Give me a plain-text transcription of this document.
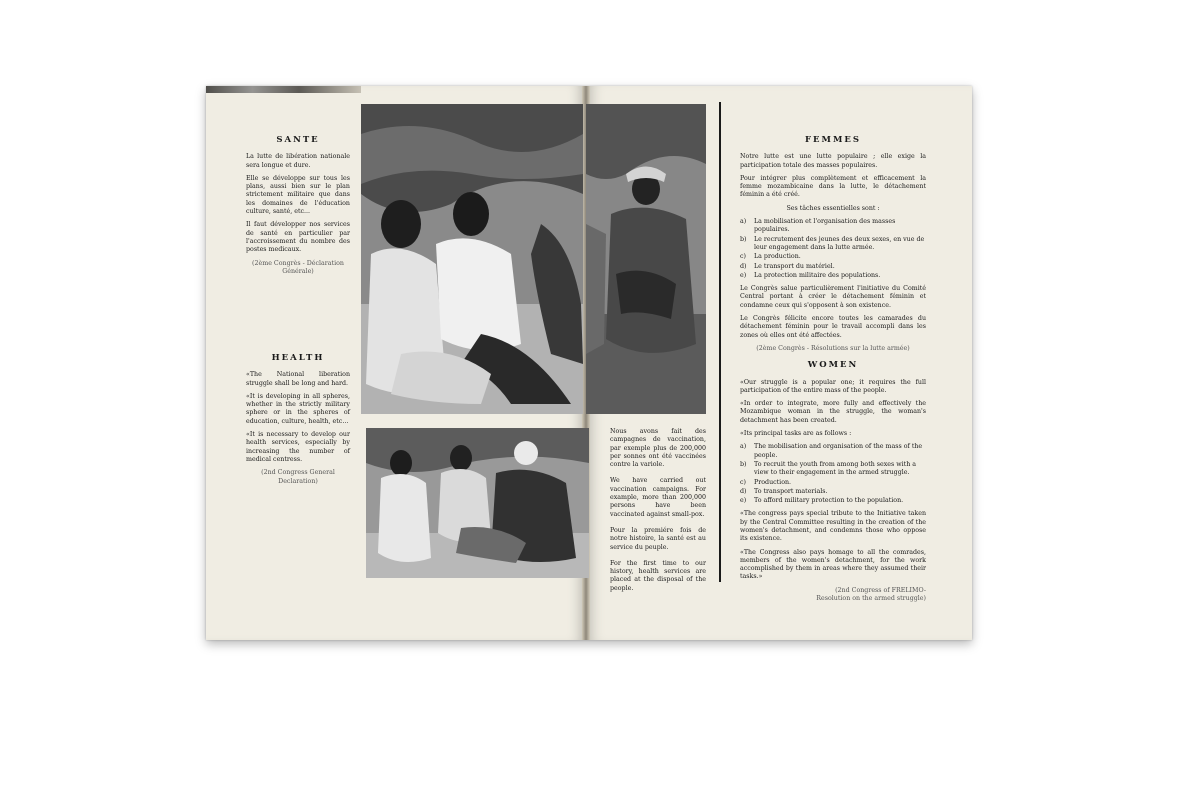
SANTE

La lutte de libération nationale sera longue et dure.

Elle se développe sur tous les plans, aussi bien sur le plan strictement militaire que dans les domaines de l'éducation culture, santé, etc...

Il faut développer nos services de santé en particulier par l'accroissement du nombre des postes medicaux.

(2ème Congrès - Déclaration Générale)
HEALTH

«The National liberation struggle shall be long and hard.

«It is developing in all spheres, whether in the strictly military sphere or in the spheres of education, culture, health, etc...

«It is necessary to develop our health services, especially by increasing the number of medical centress.

(2nd Congress General Declaration)

Nous avons fait des campagnes de vaccination, par exemple plus de 200,000 per sonnes ont été vaccinées contre la variole.

We have carried out vaccination campaigns. For example, more than 200,000 persons have been vaccinated against small-pox.

Pour la premiére fois de notre histoire, la santé est au service du peuple.

For the first time to our history, health services are placed at the disposal of the people.

FEMMES

Notre lutte est une lutte populaire ; elle exige la participation totale des masses populaires.

Pour intégrer plus complètement et efficacement la femme mozambicaine dans la lutte, le détachement féminin a été créé.

Ses tâches essentielles sont :

a) La mobilisation et l'organisation des masses populaires.
b) Le recrutement des jeunes des deux sexes, en vue de leur engagement dans la lutte armée.
c) La production.
d) Le transport du matériel.
e) La protection militaire des populations.

Le Congrès salue particulièrement l'initiative du Comité Central portant à créer le détachement féminin et condamne ceux qui s'opposent à son existence.

Le Congrès félicite encore toutes les camarades du détachement féminin pour le travail accompli dans les zones où elles ont été affectées.

(2ème Congrès - Résolutions sur la lutte armée)
WOMEN

«Our struggle is a popular one; it requires the full participation of the entire mass of the people.

«In order to integrate, more fully and effectively the Mozambique woman in the struggle, the woman's detachment has been created.

«Its principal tasks are as follows :

a) The mobilisation and organisation of the mass of the people.
b) To recruit the youth from among both sexes with a view to their engagement in the armed struggle.
c) Production.
d) To transport materials.
e) To afford military protection to the population.

«The congress pays special tribute to the Initiative taken by the Central Committee resulting in the creation of the women's detachment, and condemns those who oppose its existence.

«The Congress also pays homage to all the comrades, members of the women's detachment, for the work accomplished by them in areas where they assumed their tasks.»

(2nd Congress of FRELIMO-
Resolution on the armed struggle)
